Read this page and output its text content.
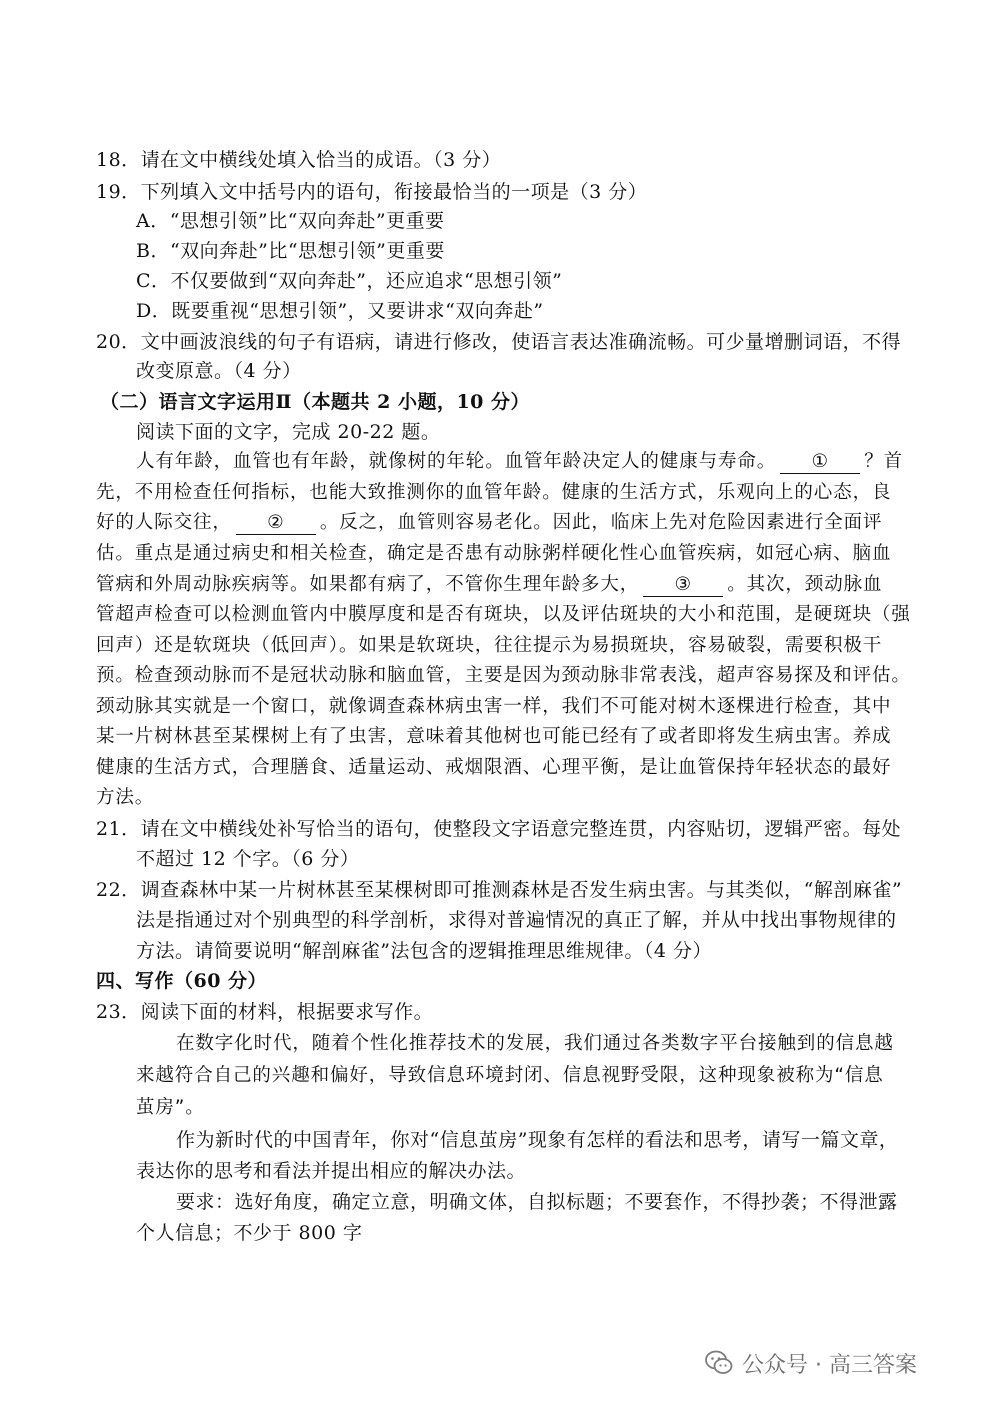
18．请在文中横线处填入恰当的成语。（3 分）
19．下列填入文中括号内的语句，衔接最恰当的一项是（3 分）
A．“思想引领”比“双向奔赴”更重要
B．“双向奔赴”比“思想引领”更重要
C．不仅要做到“双向奔赴”，还应追求“思想引领”
D．既要重视“思想引领”，又要讲求“双向奔赴”
20．文中画波浪线的句子有语病，请进行修改，使语言表达准确流畅。可少量增删词语，不得
改变原意。（4 分）
（二）语言文字运用Ⅱ（本题共 2 小题，10 分）
阅读下面的文字，完成 20-22 题。
人有年龄，血管也有年龄，就像树的年轮。血管年龄决定人的健康与寿命。 ① ？首
先，不用检查任何指标，也能大致推测你的血管年龄。健康的生活方式，乐观向上的心态，良
好的人际交往， ② 。反之，血管则容易老化。因此，临床上先对危险因素进行全面评
估。重点是通过病史和相关检查，确定是否患有动脉粥样硬化性心血管疾病，如冠心病、脑血
管病和外周动脉疾病等。如果都有病了，不管你生理年龄多大， ③ 。其次，颈动脉血
管超声检查可以检测血管内中膜厚度和是否有斑块，以及评估斑块的大小和范围，是硬斑块（强
回声）还是软斑块（低回声）。如果是软斑块，往往提示为易损斑块，容易破裂，需要积极干
预。检查颈动脉而不是冠状动脉和脑血管，主要是因为颈动脉非常表浅，超声容易探及和评估。
颈动脉其实就是一个窗口，就像调查森林病虫害一样，我们不可能对树木逐棵进行检查，其中
某一片树林甚至某棵树上有了虫害，意味着其他树也可能已经有了或者即将发生病虫害。养成
健康的生活方式，合理膳食、适量运动、戒烟限酒、心理平衡，是让血管保持年轻状态的最好
方法。
21．请在文中横线处补写恰当的语句，使整段文字语意完整连贯，内容贴切，逻辑严密。每处
不超过 12 个字。（6 分）
22．调查森林中某一片树林甚至某棵树即可推测森林是否发生病虫害。与其类似，“解剖麻雀”
法是指通过对个别典型的科学剖析，求得对普遍情况的真正了解，并从中找出事物规律的
方法。请简要说明“解剖麻雀”法包含的逻辑推理思维规律。（4 分）
四、写作（60 分）
23．阅读下面的材料，根据要求写作。
在数字化时代，随着个性化推荐技术的发展，我们通过各类数字平台接触到的信息越
来越符合自己的兴趣和偏好，导致信息环境封闭、信息视野受限，这种现象被称为“信息
茧房”。
作为新时代的中国青年，你对“信息茧房”现象有怎样的看法和思考，请写一篇文章，
表达你的思考和看法并提出相应的解决办法。
要求：选好角度，确定立意，明确文体，自拟标题；不要套作，不得抄袭；不得泄露
个人信息；不少于 800 字
公众号 · 高三答案
